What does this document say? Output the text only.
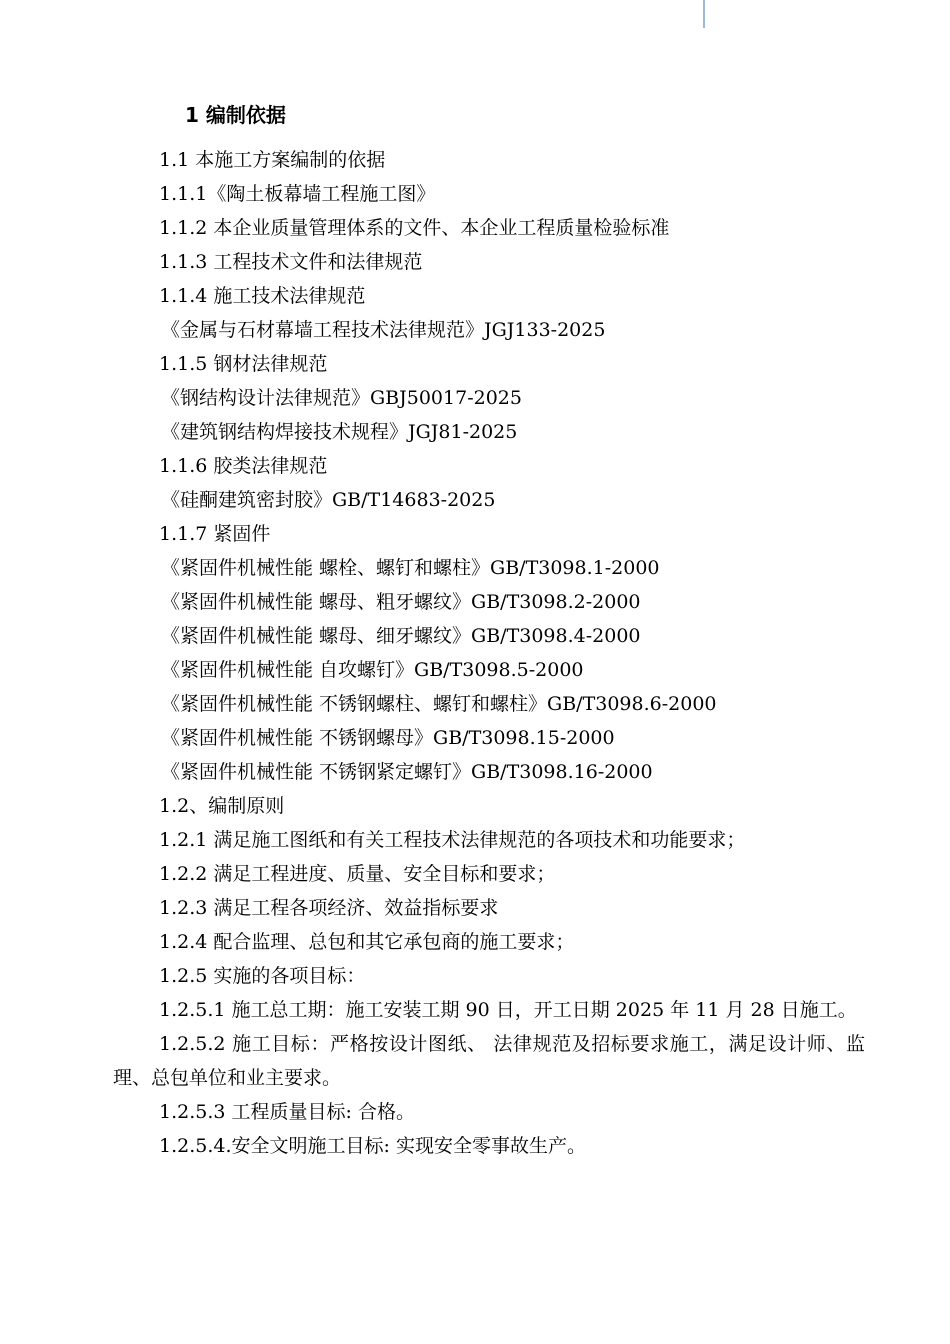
1 编制依据
1.1 本施工方案编制的依据
1.1.1《陶土板幕墙工程施工图》
1.1.2 本企业质量管理体系的文件、本企业工程质量检验标准
1.1.3 工程技术文件和法律规范
1.1.4 施工技术法律规范
《金属与石材幕墙工程技术法律规范》JGJ133-2025
1.1.5 钢材法律规范
《钢结构设计法律规范》GBJ50017-2025
《建筑钢结构焊接技术规程》JGJ81-2025
1.1.6 胶类法律规范
《硅酮建筑密封胶》GB/T14683-2025
1.1.7 紧固件
《紧固件机械性能 螺栓、螺钉和螺柱》GB/T3098.1-2000
《紧固件机械性能 螺母、粗牙螺纹》GB/T3098.2-2000
《紧固件机械性能 螺母、细牙螺纹》GB/T3098.4-2000
《紧固件机械性能 自攻螺钉》GB/T3098.5-2000
《紧固件机械性能 不锈钢螺柱、螺钉和螺柱》GB/T3098.6-2000
《紧固件机械性能 不锈钢螺母》GB/T3098.15-2000
《紧固件机械性能 不锈钢紧定螺钉》GB/T3098.16-2000
1.2、编制原则
1.2.1 满足施工图纸和有关工程技术法律规范的各项技术和功能要求；
1.2.2 满足工程进度、质量、安全目标和要求；
1.2.3 满足工程各项经济、效益指标要求
1.2.4 配合监理、总包和其它承包商的施工要求；
1.2.5 实施的各项目标：
1.2.5.1 施工总工期：施工安装工期 90 日，开工日期 2025 年 11 月 28 日施工。
1.2.5.2 施工目标：严格按设计图纸、 法律规范及招标要求施工，满足设计师、监理、总包单位和业主要求。
1.2.5.3 工程质量目标: 合格。
1.2.5.4.安全文明施工目标: 实现安全零事故生产。
